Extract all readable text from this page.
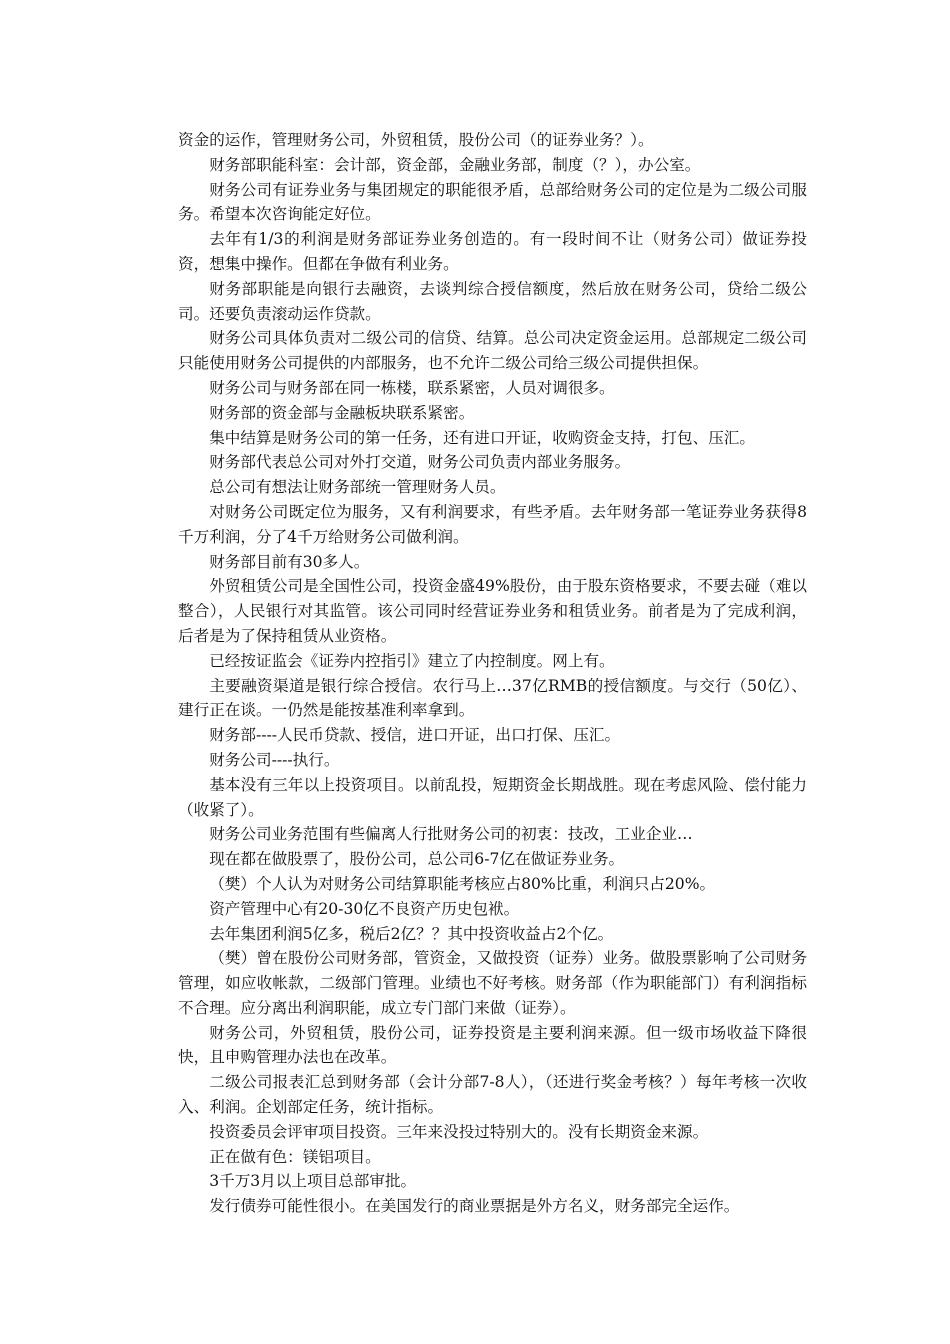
资金的运作，管理财务公司，外贸租赁，股份公司（的证券业务？）。

财务部职能科室：会计部，资金部，金融业务部，制度（？），办公室。

财务公司有证券业务与集团规定的职能很矛盾，总部给财务公司的定位是为二级公司服务。希望本次咨询能定好位。

去年有1/3的利润是财务部证券业务创造的。有一段时间不让（财务公司）做证券投资，想集中操作。但都在争做有利业务。

财务部职能是向银行去融资，去谈判综合授信额度，然后放在财务公司，贷给二级公司。还要负责滚动运作贷款。

财务公司具体负责对二级公司的信贷、结算。总公司决定资金运用。总部规定二级公司只能使用财务公司提供的内部服务，也不允许二级公司给三级公司提供担保。

财务公司与财务部在同一栋楼，联系紧密，人员对调很多。

财务部的资金部与金融板块联系紧密。

集中结算是财务公司的第一任务，还有进口开证，收购资金支持，打包、压汇。

财务部代表总公司对外打交道，财务公司负责内部业务服务。

总公司有想法让财务部统一管理财务人员。

对财务公司既定位为服务，又有利润要求，有些矛盾。去年财务部一笔证券业务获得8千万利润，分了4千万给财务公司做利润。

财务部目前有30多人。

外贸租赁公司是全国性公司，投资金盛49%股份，由于股东资格要求，不要去碰（难以整合），人民银行对其监管。该公司同时经营证券业务和租赁业务。前者是为了完成利润，后者是为了保持租赁从业资格。

已经按证监会《证券内控指引》建立了内控制度。网上有。

主要融资渠道是银行综合授信。农行马上…37亿RMB的授信额度。与交行（50亿）、建行正在谈。一仍然是能按基准利率拿到。

财务部----人民币贷款、授信，进口开证，出口打保、压汇。

财务公司----执行。

基本没有三年以上投资项目。以前乱投，短期资金长期战胜。现在考虑风险、偿付能力（收紧了）。

财务公司业务范围有些偏离人行批财务公司的初衷：技改，工业企业…

现在都在做股票了，股份公司，总公司6-7亿在做证券业务。

（樊）个人认为对财务公司结算职能考核应占80%比重，利润只占20%。

资产管理中心有20-30亿不良资产历史包袱。

去年集团利润5亿多，税后2亿？？其中投资收益占2个亿。

（樊）曾在股份公司财务部，管资金，又做投资（证券）业务。做股票影响了公司财务管理，如应收帐款，二级部门管理。业绩也不好考核。财务部（作为职能部门）有利润指标不合理。应分离出利润职能，成立专门部门来做（证券）。

财务公司，外贸租赁，股份公司，证券投资是主要利润来源。但一级市场收益下降很快，且申购管理办法也在改革。

二级公司报表汇总到财务部（会计分部7-8人），（还进行奖金考核？）每年考核一次收入、利润。企划部定任务，统计指标。

投资委员会评审项目投资。三年来没投过特别大的。没有长期资金来源。

正在做有色：镁铝项目。

3千万3月以上项目总部审批。

发行债券可能性很小。在美国发行的商业票据是外方名义，财务部完全运作。
